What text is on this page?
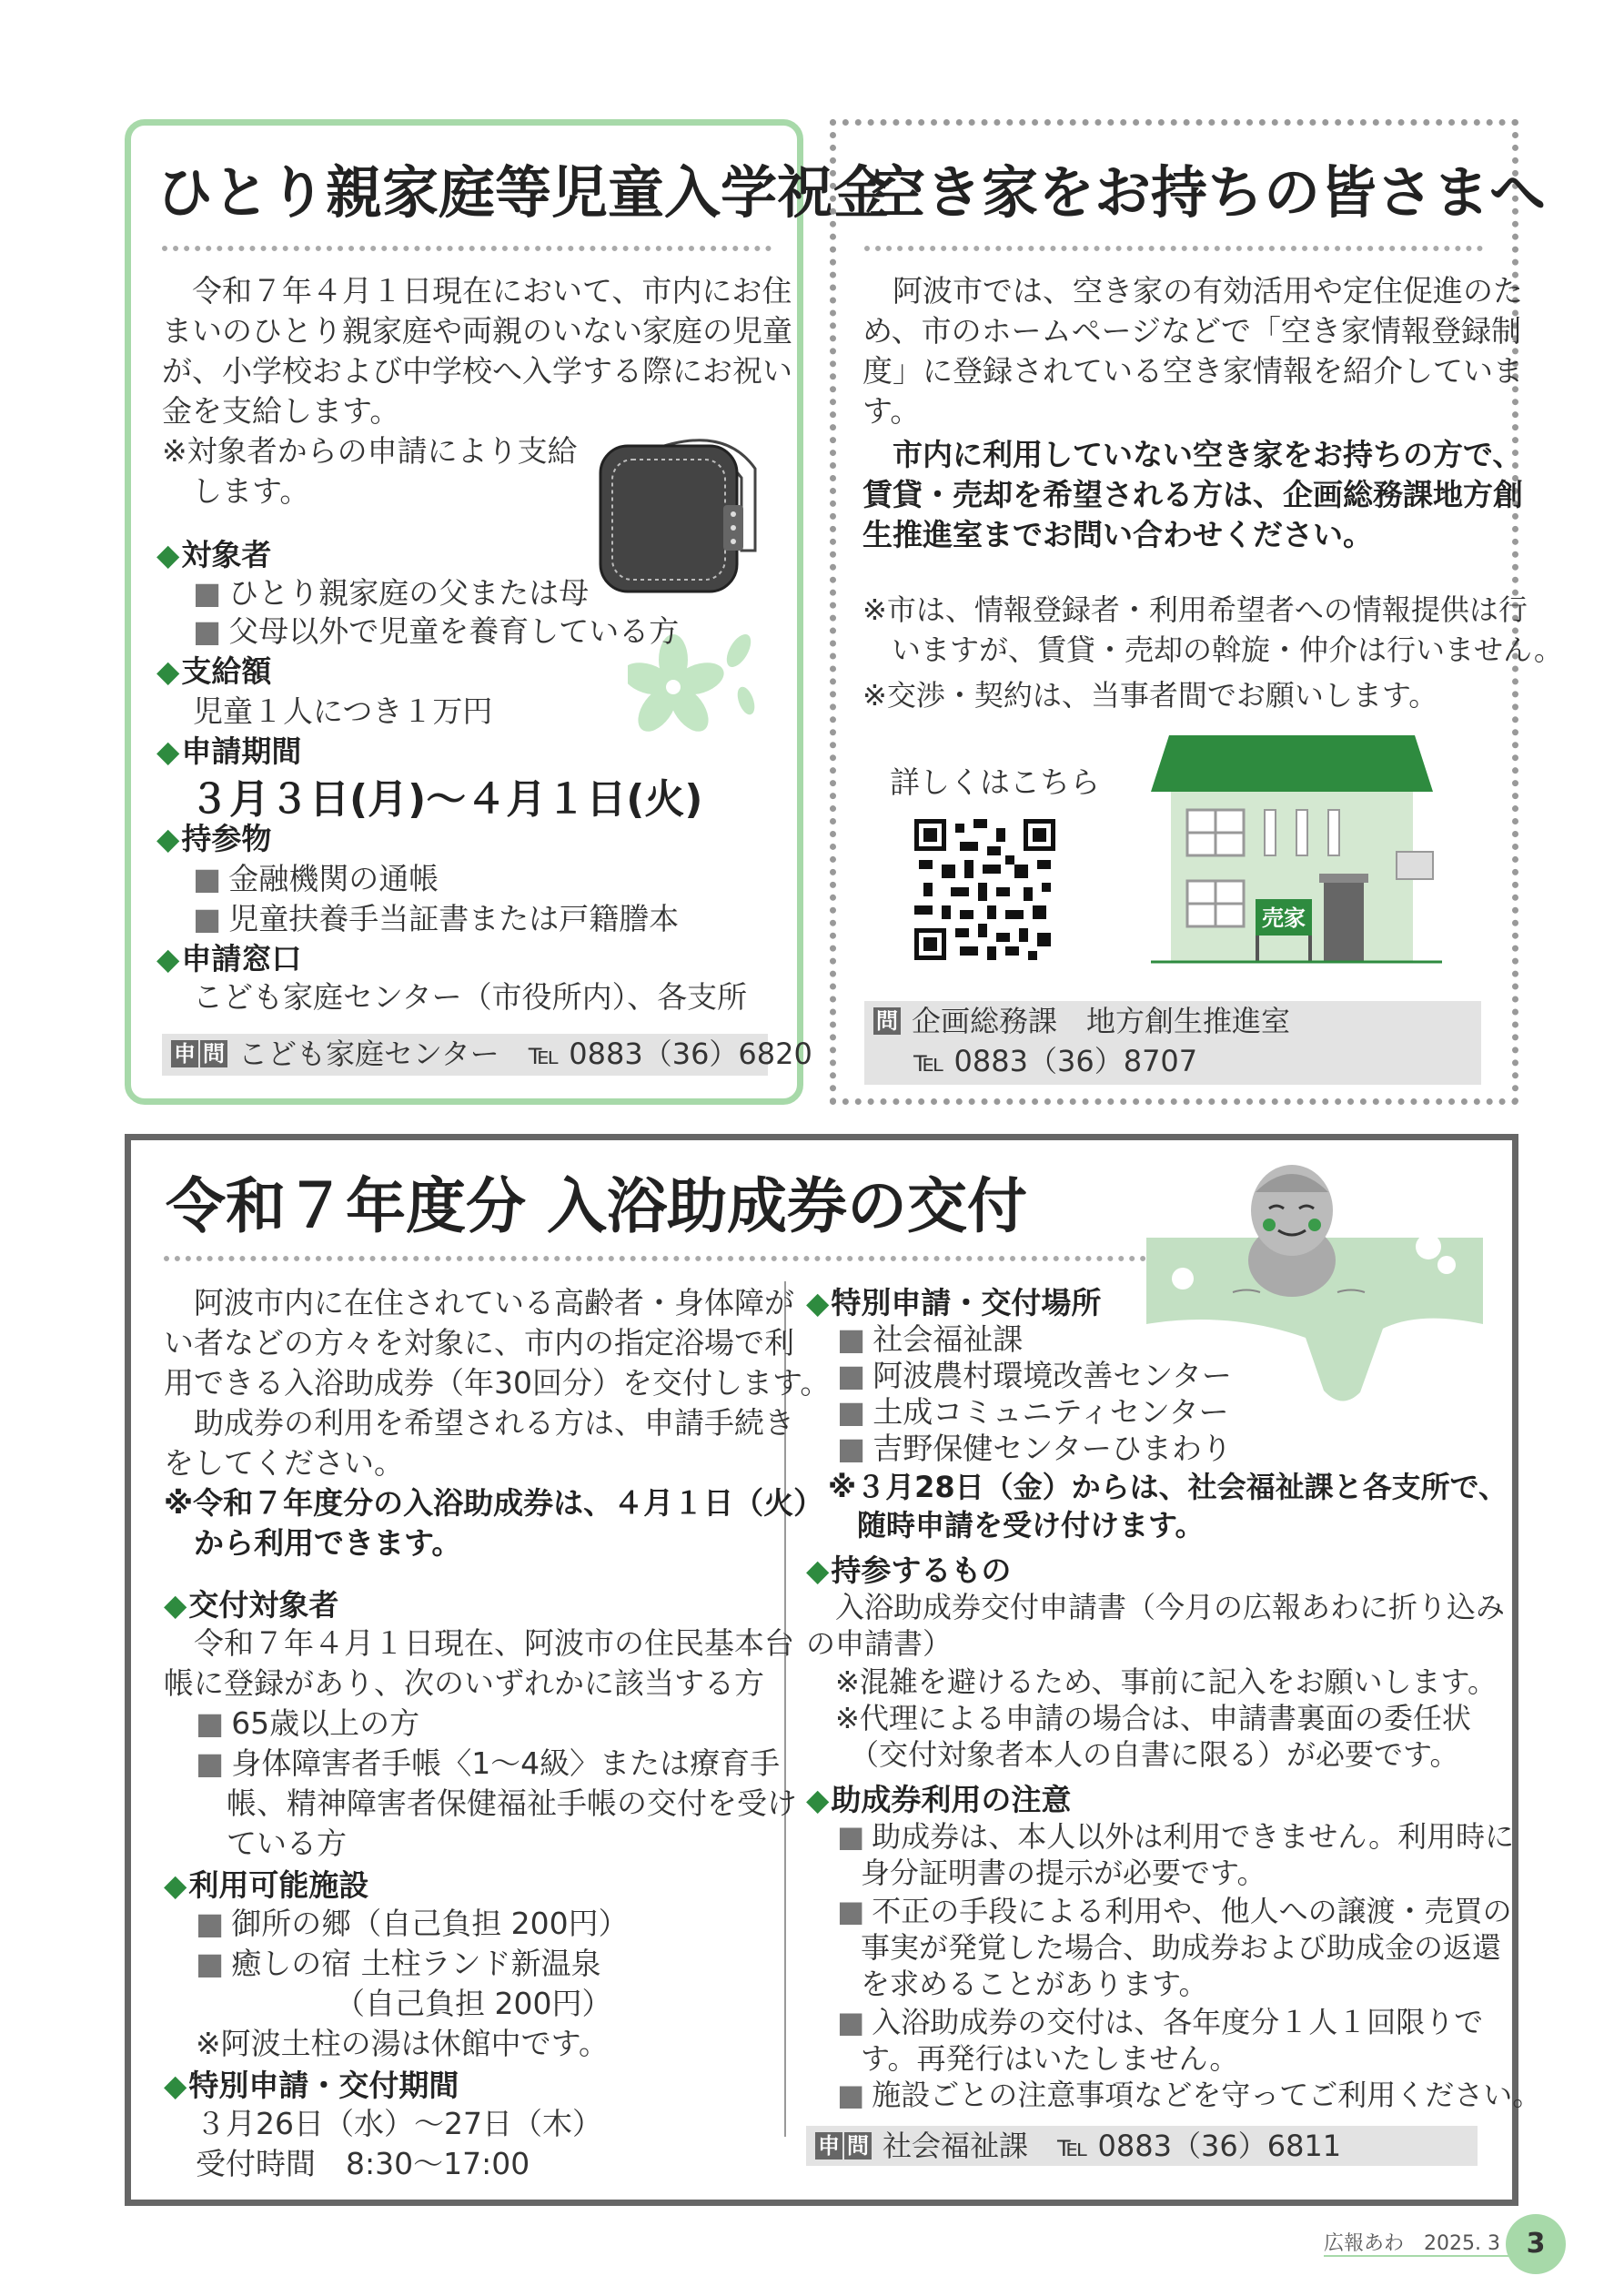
ひとり親家庭等児童入学祝金
　令和７年４月１日現在において、市内にお住
まいのひとり親家庭や両親のいない家庭の児童
が、小学校および中学校へ入学する際にお祝い
金を支給します。
※対象者からの申請により支給
　します。
◆対象者
■ ひとり親家庭の父または母
■ 父母以外で児童を養育している方
◆支給額
児童１人につき１万円
◆申請期間
３月３日(月)～４月１日(火)
◆持参物
■ 金融機関の通帳
■ 児童扶養手当証書または戸籍謄本
◆申請窓口
こども家庭センター（市役所内）、各支所
申 問 こども家庭センター　℡ 0883（36）6820
空き家をお持ちの皆さまへ
　阿波市では、空き家の有効活用や定住促進のた
め、市のホームページなどで「空き家情報登録制
度」に登録されている空き家情報を紹介していま
す。
　市内に利用していない空き家をお持ちの方で、
賃貸・売却を希望される方は、企画総務課地方創
生推進室までお問い合わせください。
※市は、情報登録者・利用希望者への情報提供は行
　いますが、賃貸・売却の斡旋・仲介は行いません。
※交渉・契約は、当事者間でお願いします。
詳しくはこちら
売家
問 企画総務課　地方創生推進室
℡ 0883（36）8707
令和７年度分 入浴助成券の交付
　阿波市内に在住されている高齢者・身体障が
い者などの方々を対象に、市内の指定浴場で利
用できる入浴助成券（年30回分）を交付します。
　助成券の利用を希望される方は、申請手続き
をしてください。
※令和７年度分の入浴助成券は、４月１日（火）
　から利用できます。
◆交付対象者
　令和７年４月１日現在、阿波市の住民基本台
帳に登録があり、次のいずれかに該当する方
■ 65歳以上の方
■ 身体障害者手帳〈1～4級〉または療育手
帳、精神障害者保健福祉手帳の交付を受け
ている方
◆利用可能施設
■ 御所の郷（自己負担 200円）
■ 癒しの宿 土柱ランド新温泉
（自己負担 200円）
※阿波土柱の湯は休館中です。
◆特別申請・交付期間
３月26日（水）～27日（木）
受付時間　8:30～17:00
◆特別申請・交付場所
■ 社会福祉課
■ 阿波農村環境改善センター
■ 土成コミュニティセンター
■ 吉野保健センターひまわり
※３月28日（金）からは、社会福祉課と各支所で、
　随時申請を受け付けます。
◆持参するもの
　入浴助成券交付申請書（今月の広報あわに折り込み
の申請書）
　※混雑を避けるため、事前に記入をお願いします。
　※代理による申請の場合は、申請書裏面の委任状
　　（交付対象者本人の自書に限る）が必要です。
◆助成券利用の注意
■ 助成券は、本人以外は利用できません。利用時に
身分証明書の提示が必要です。
■ 不正の手段による利用や、他人への譲渡・売買の
事実が発覚した場合、助成券および助成金の返還
を求めることがあります。
■ 入浴助成券の交付は、各年度分１人１回限りで
す。再発行はいたしません。
■ 施設ごとの注意事項などを守ってご利用ください。
申 問 社会福祉課　℡ 0883（36）6811
広報あわ　2025. 3 3
